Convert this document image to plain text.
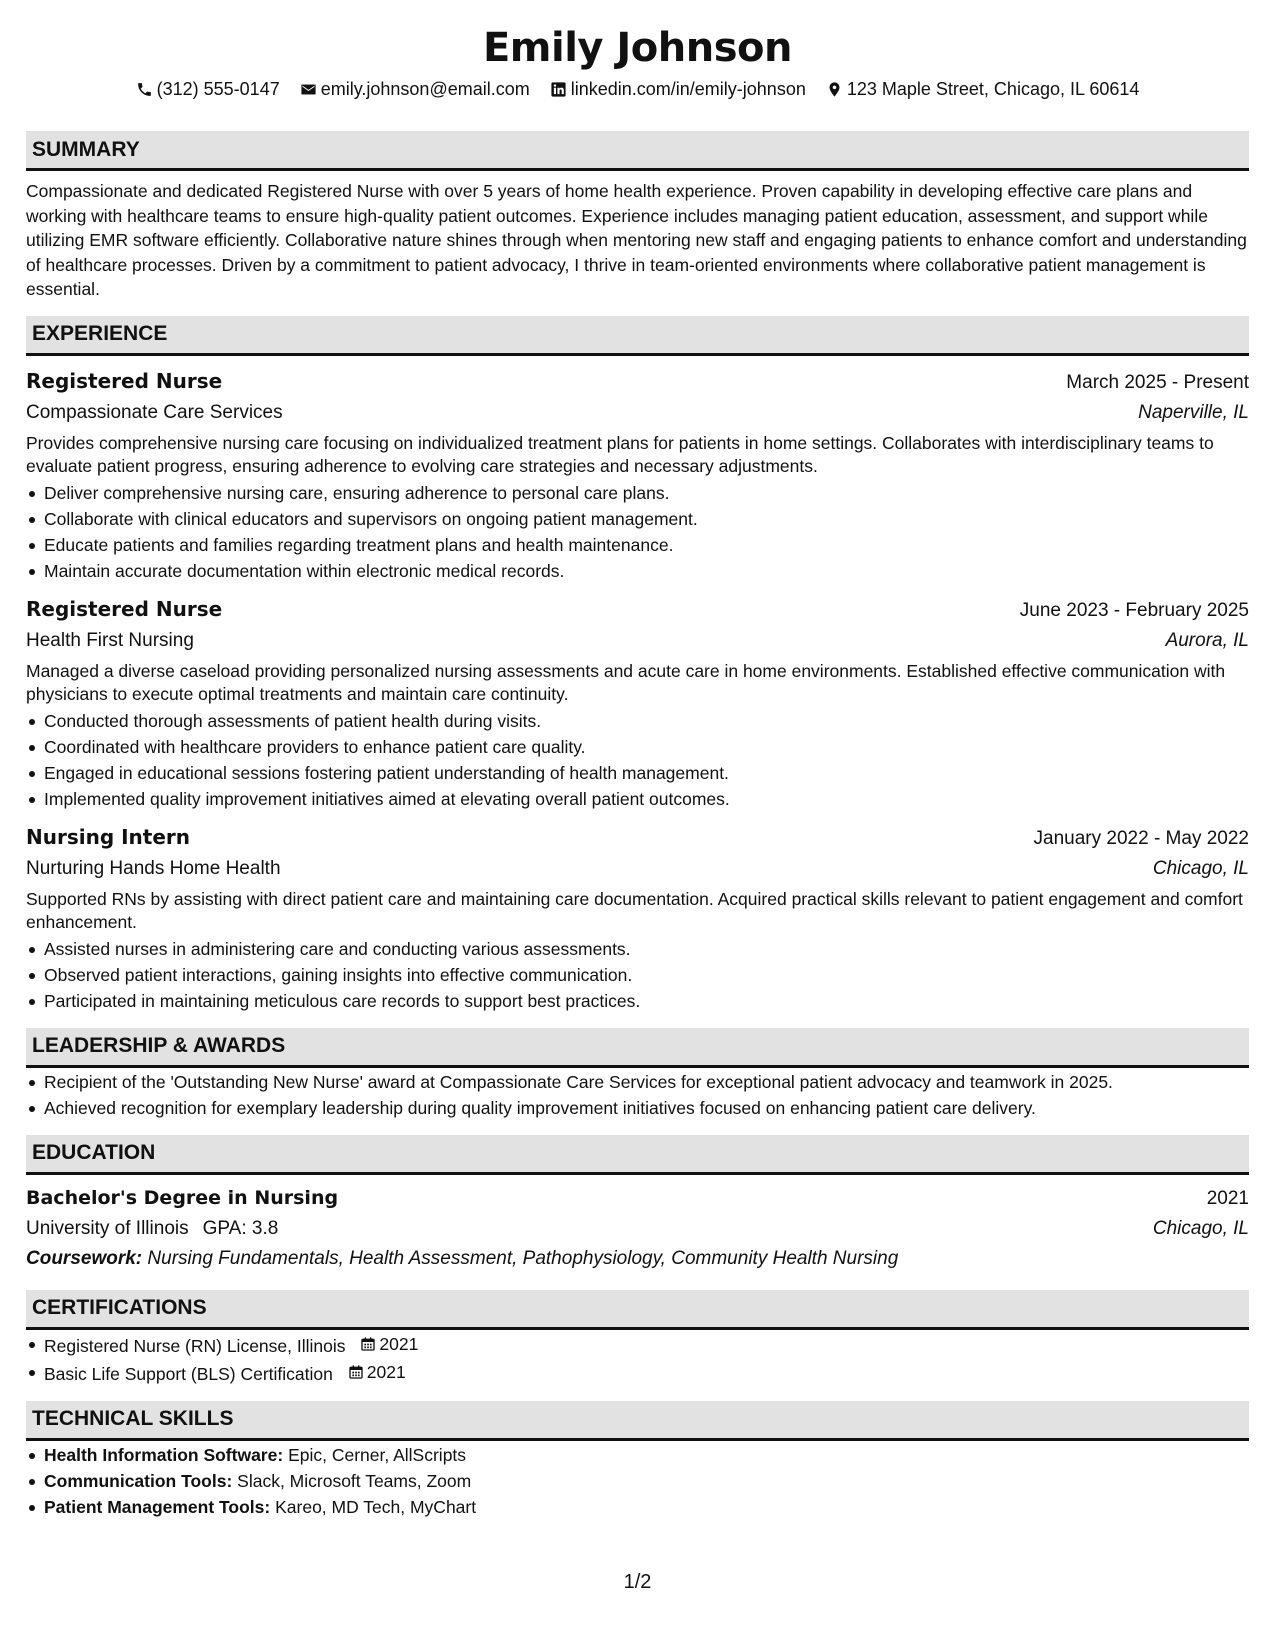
Emily Johnson
(312) 555-0147 emily.johnson@email.com linkedin.com/in/emily-johnson 123 Maple Street, Chicago, IL 60614
SUMMARY

Compassionate and dedicated Registered Nurse with over 5 years of home health experience. Proven capability in developing effective care plans and working with healthcare teams to ensure high-quality patient outcomes. Experience includes managing patient education, assessment, and support while utilizing EMR software efficiently. Collaborative nature shines through when mentoring new staff and engaging patients to enhance comfort and understanding of healthcare processes. Driven by a commitment to patient advocacy, I thrive in team-oriented environments where collaborative patient management is essential.

EXPERIENCE
Registered Nurse	March 2025 - Present
Compassionate Care Services	Naperville, IL

Provides comprehensive nursing care focusing on individualized treatment plans for patients in home settings. Collaborates with interdisciplinary teams to evaluate patient progress, ensuring adherence to evolving care strategies and necessary adjustments.

Deliver comprehensive nursing care, ensuring adherence to personal care plans.
Collaborate with clinical educators and supervisors on ongoing patient management.
Educate patients and families regarding treatment plans and health maintenance.
Maintain accurate documentation within electronic medical records.
Registered Nurse	June 2023 - February 2025
Health First Nursing	Aurora, IL

Managed a diverse caseload providing personalized nursing assessments and acute care in home environments. Established effective communication with physicians to execute optimal treatments and maintain care continuity.

Conducted thorough assessments of patient health during visits.
Coordinated with healthcare providers to enhance patient care quality.
Engaged in educational sessions fostering patient understanding of health management.
Implemented quality improvement initiatives aimed at elevating overall patient outcomes.
Nursing Intern	January 2022 - May 2022
Nurturing Hands Home Health	Chicago, IL

Supported RNs by assisting with direct patient care and maintaining care documentation. Acquired practical skills relevant to patient engagement and comfort enhancement.

Assisted nurses in administering care and conducting various assessments.
Observed patient interactions, gaining insights into effective communication.
Participated in maintaining meticulous care records to support best practices.
LEADERSHIP & AWARDS
Recipient of the 'Outstanding New Nurse' award at Compassionate Care Services for exceptional patient advocacy and teamwork in 2025.
Achieved recognition for exemplary leadership during quality improvement initiatives focused on enhancing patient care delivery.
EDUCATION
Bachelor's Degree in Nursing	2021
University of Illinois GPA: 3.8	Chicago, IL
Coursework: Nursing Fundamentals, Health Assessment, Pathophysiology, Community Health Nursing
CERTIFICATIONS
Registered Nurse (RN) License, Illinois 2021
Basic Life Support (BLS) Certification 2021
TECHNICAL SKILLS
Health Information Software: Epic, Cerner, AllScripts
Communication Tools: Slack, Microsoft Teams, Zoom
Patient Management Tools: Kareo, MD Tech, MyChart
1/2
